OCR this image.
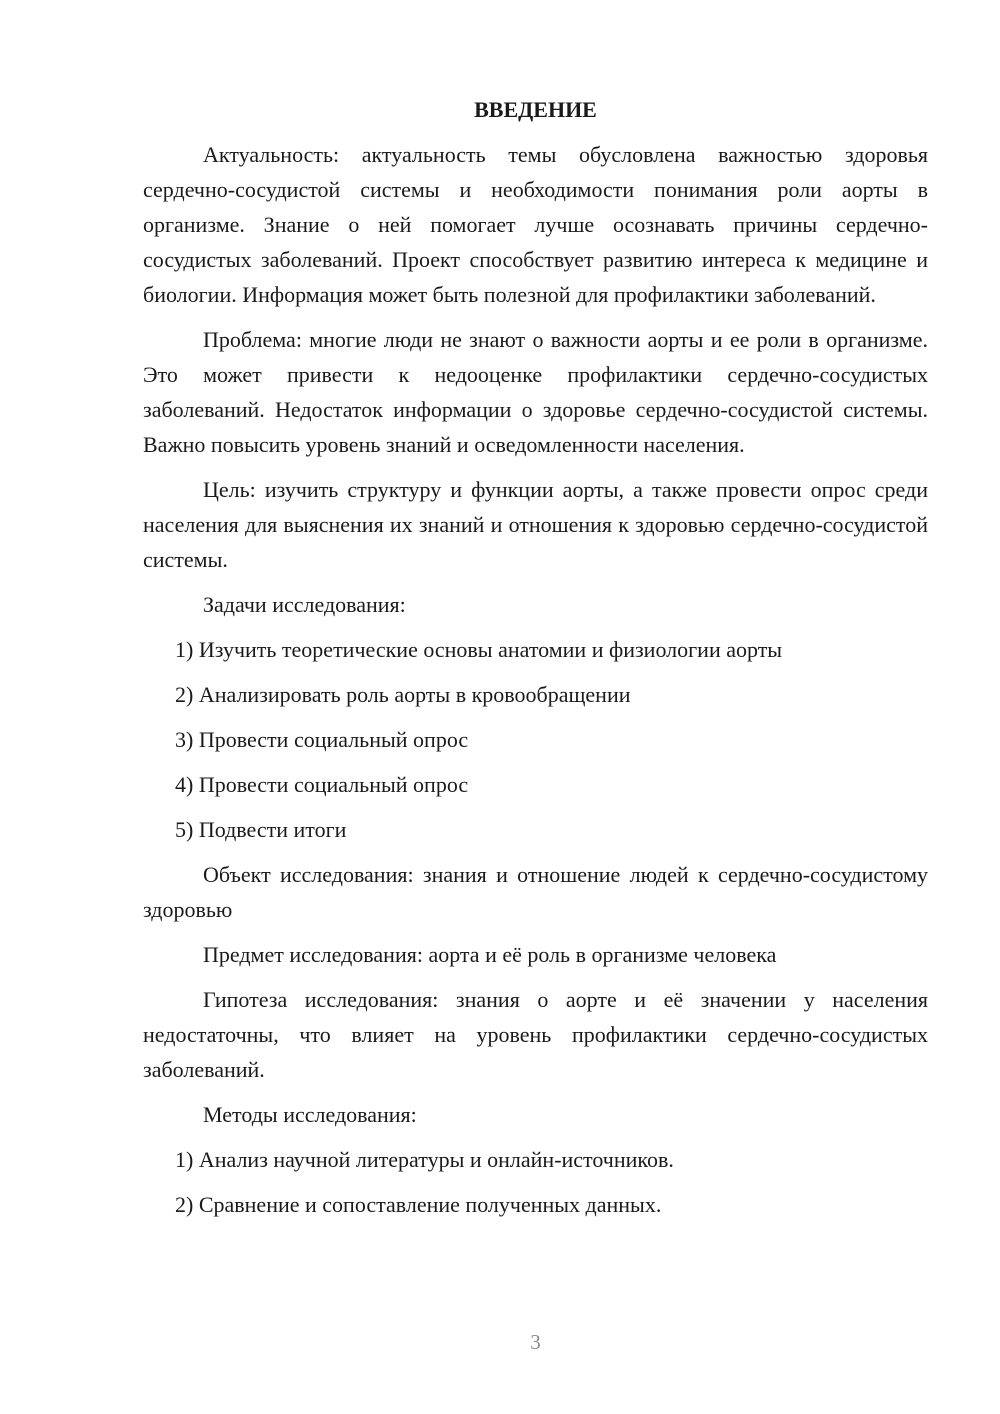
ВВЕДЕНИЕ
Актуальность: актуальность темы обусловлена важностью здоровья сердечно-сосудистой системы и необходимости понимания роли аорты в организме. Знание о ней помогает лучше осознавать причины сердечно-сосудистых заболеваний. Проект способствует развитию интереса к медицине и биологии. Информация может быть полезной для профилактики заболеваний.
Проблема: многие люди не знают о важности аорты и ее роли в организме. Это может привести к недооценке профилактики сердечно-сосудистых заболеваний. Недостаток информации о здоровье сердечно-сосудистой системы. Важно повысить уровень знаний и осведомленности населения.
Цель: изучить структуру и функции аорты, а также провести опрос среди населения для выяснения их знаний и отношения к здоровью сердечно-сосудистой системы.
Задачи исследования:
1) Изучить теоретические основы анатомии и физиологии аорты
2) Анализировать роль аорты в кровообращении
3) Провести социальный опрос
4) Провести социальный опрос
5) Подвести итоги
Объект исследования: знания и отношение людей к сердечно-сосудистому здоровью
Предмет исследования: аорта и её роль в организме человека
Гипотеза исследования: знания о аорте и её значении у населения недостаточны, что влияет на уровень профилактики сердечно-сосудистых заболеваний.
Методы исследования:
1) Анализ научной литературы и онлайн-источников.
2) Сравнение и сопоставление полученных данных.
3
